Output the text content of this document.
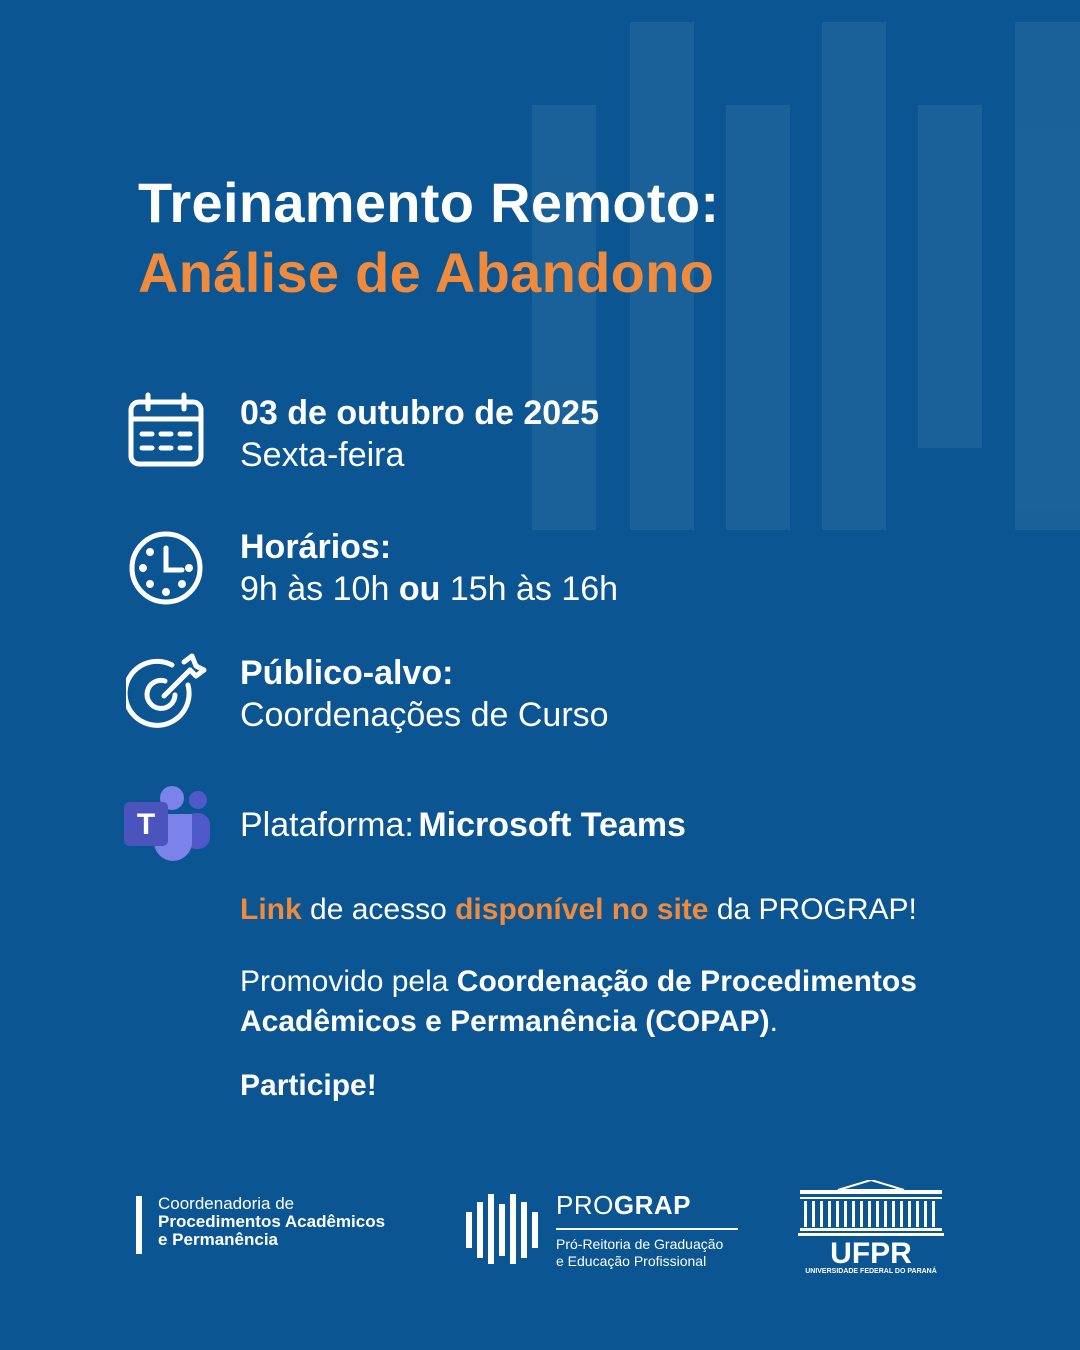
Treinamento Remoto:
Análise de Abandono
03 de outubro de 2025
Sexta-feira
Horários:
9h às 10h ou 15h às 16h
Público-alvo:
Coordenações de Curso
T Plataforma: Microsoft Teams
Link de acesso disponível no site da PROGRAP!
Promovido pela Coordenação de Procedimentos
Acadêmicos e Permanência (COPAP).
Participe!
Coordenadoria de
Procedimentos Acadêmicos
e Permanência
PROGRAP
Pró-Reitoria de Graduação
e Educação Profissional	UFPR
UNIVERSIDADE FEDERAL DO PARANÁ
